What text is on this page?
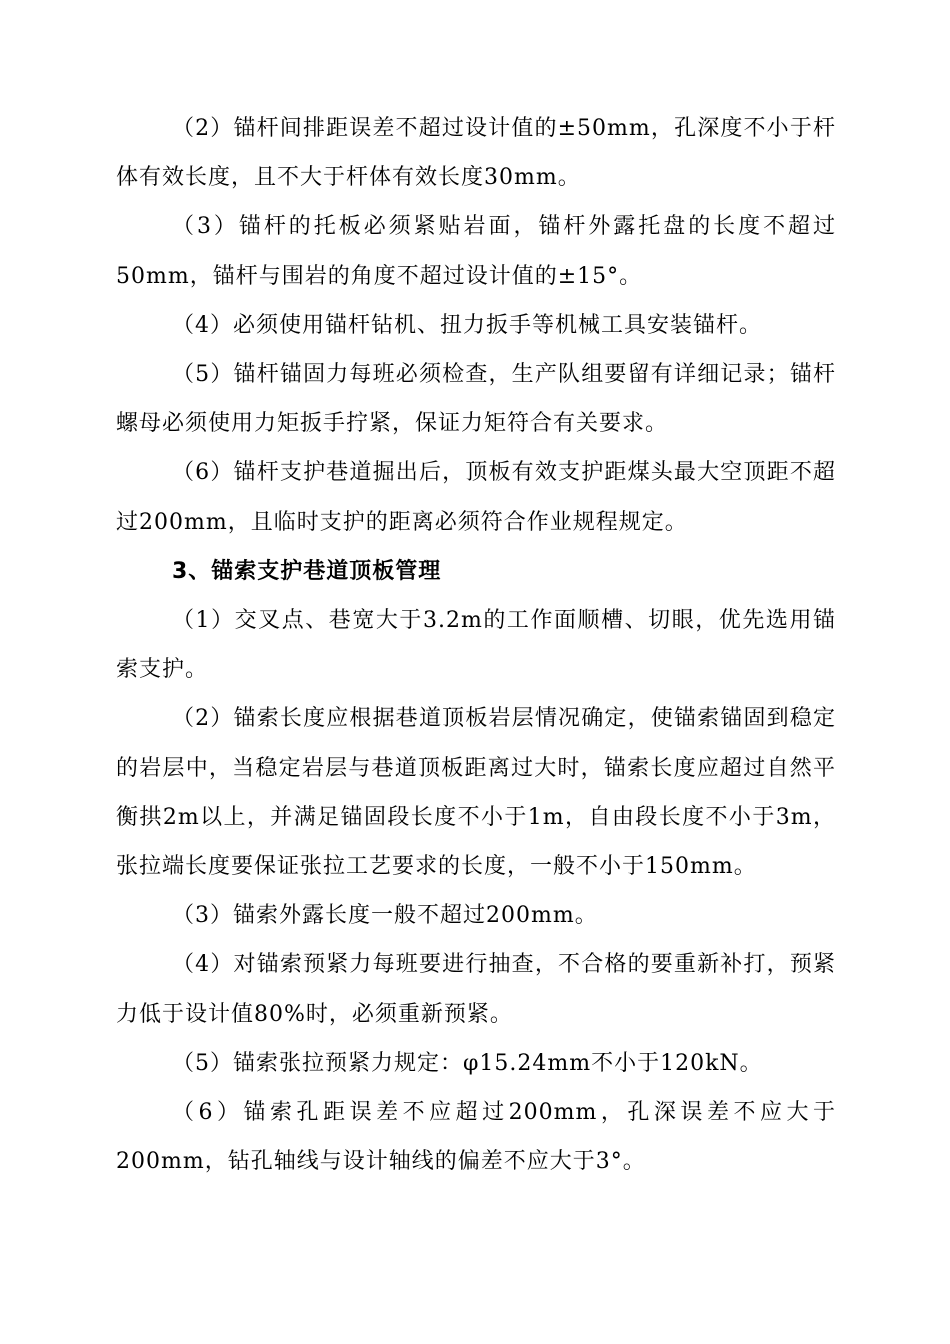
（2）锚杆间排距误差不超过设计值的±50mm，孔深度不小于杆体有效长度，且不大于杆体有效长度30mm。

（3）锚杆的托板必须紧贴岩面，锚杆外露托盘的长度不超过50mm，锚杆与围岩的角度不超过设计值的±15°。

（4）必须使用锚杆钻机、扭力扳手等机械工具安装锚杆。

（5）锚杆锚固力每班必须检查，生产队组要留有详细记录；锚杆螺母必须使用力矩扳手拧紧，保证力矩符合有关要求。

（6）锚杆支护巷道掘出后，顶板有效支护距煤头最大空顶距不超过200mm，且临时支护的距离必须符合作业规程规定。

3、锚索支护巷道顶板管理

（1）交叉点、巷宽大于3.2m的工作面顺槽、切眼，优先选用锚索支护。

（2）锚索长度应根据巷道顶板岩层情况确定，使锚索锚固到稳定的岩层中，当稳定岩层与巷道顶板距离过大时，锚索长度应超过自然平衡拱2m以上，并满足锚固段长度不小于1m，自由段长度不小于3m，张拉端长度要保证张拉工艺要求的长度，一般不小于150mm。

（3）锚索外露长度一般不超过200mm。

（4）对锚索预紧力每班要进行抽查，不合格的要重新补打，预紧力低于设计值80%时，必须重新预紧。

（5）锚索张拉预紧力规定：φ15.24mm不小于120kN。

（6）锚索孔距误差不应超过200mm，孔深误差不应大于200mm，钻孔轴线与设计轴线的偏差不应大于3°。
